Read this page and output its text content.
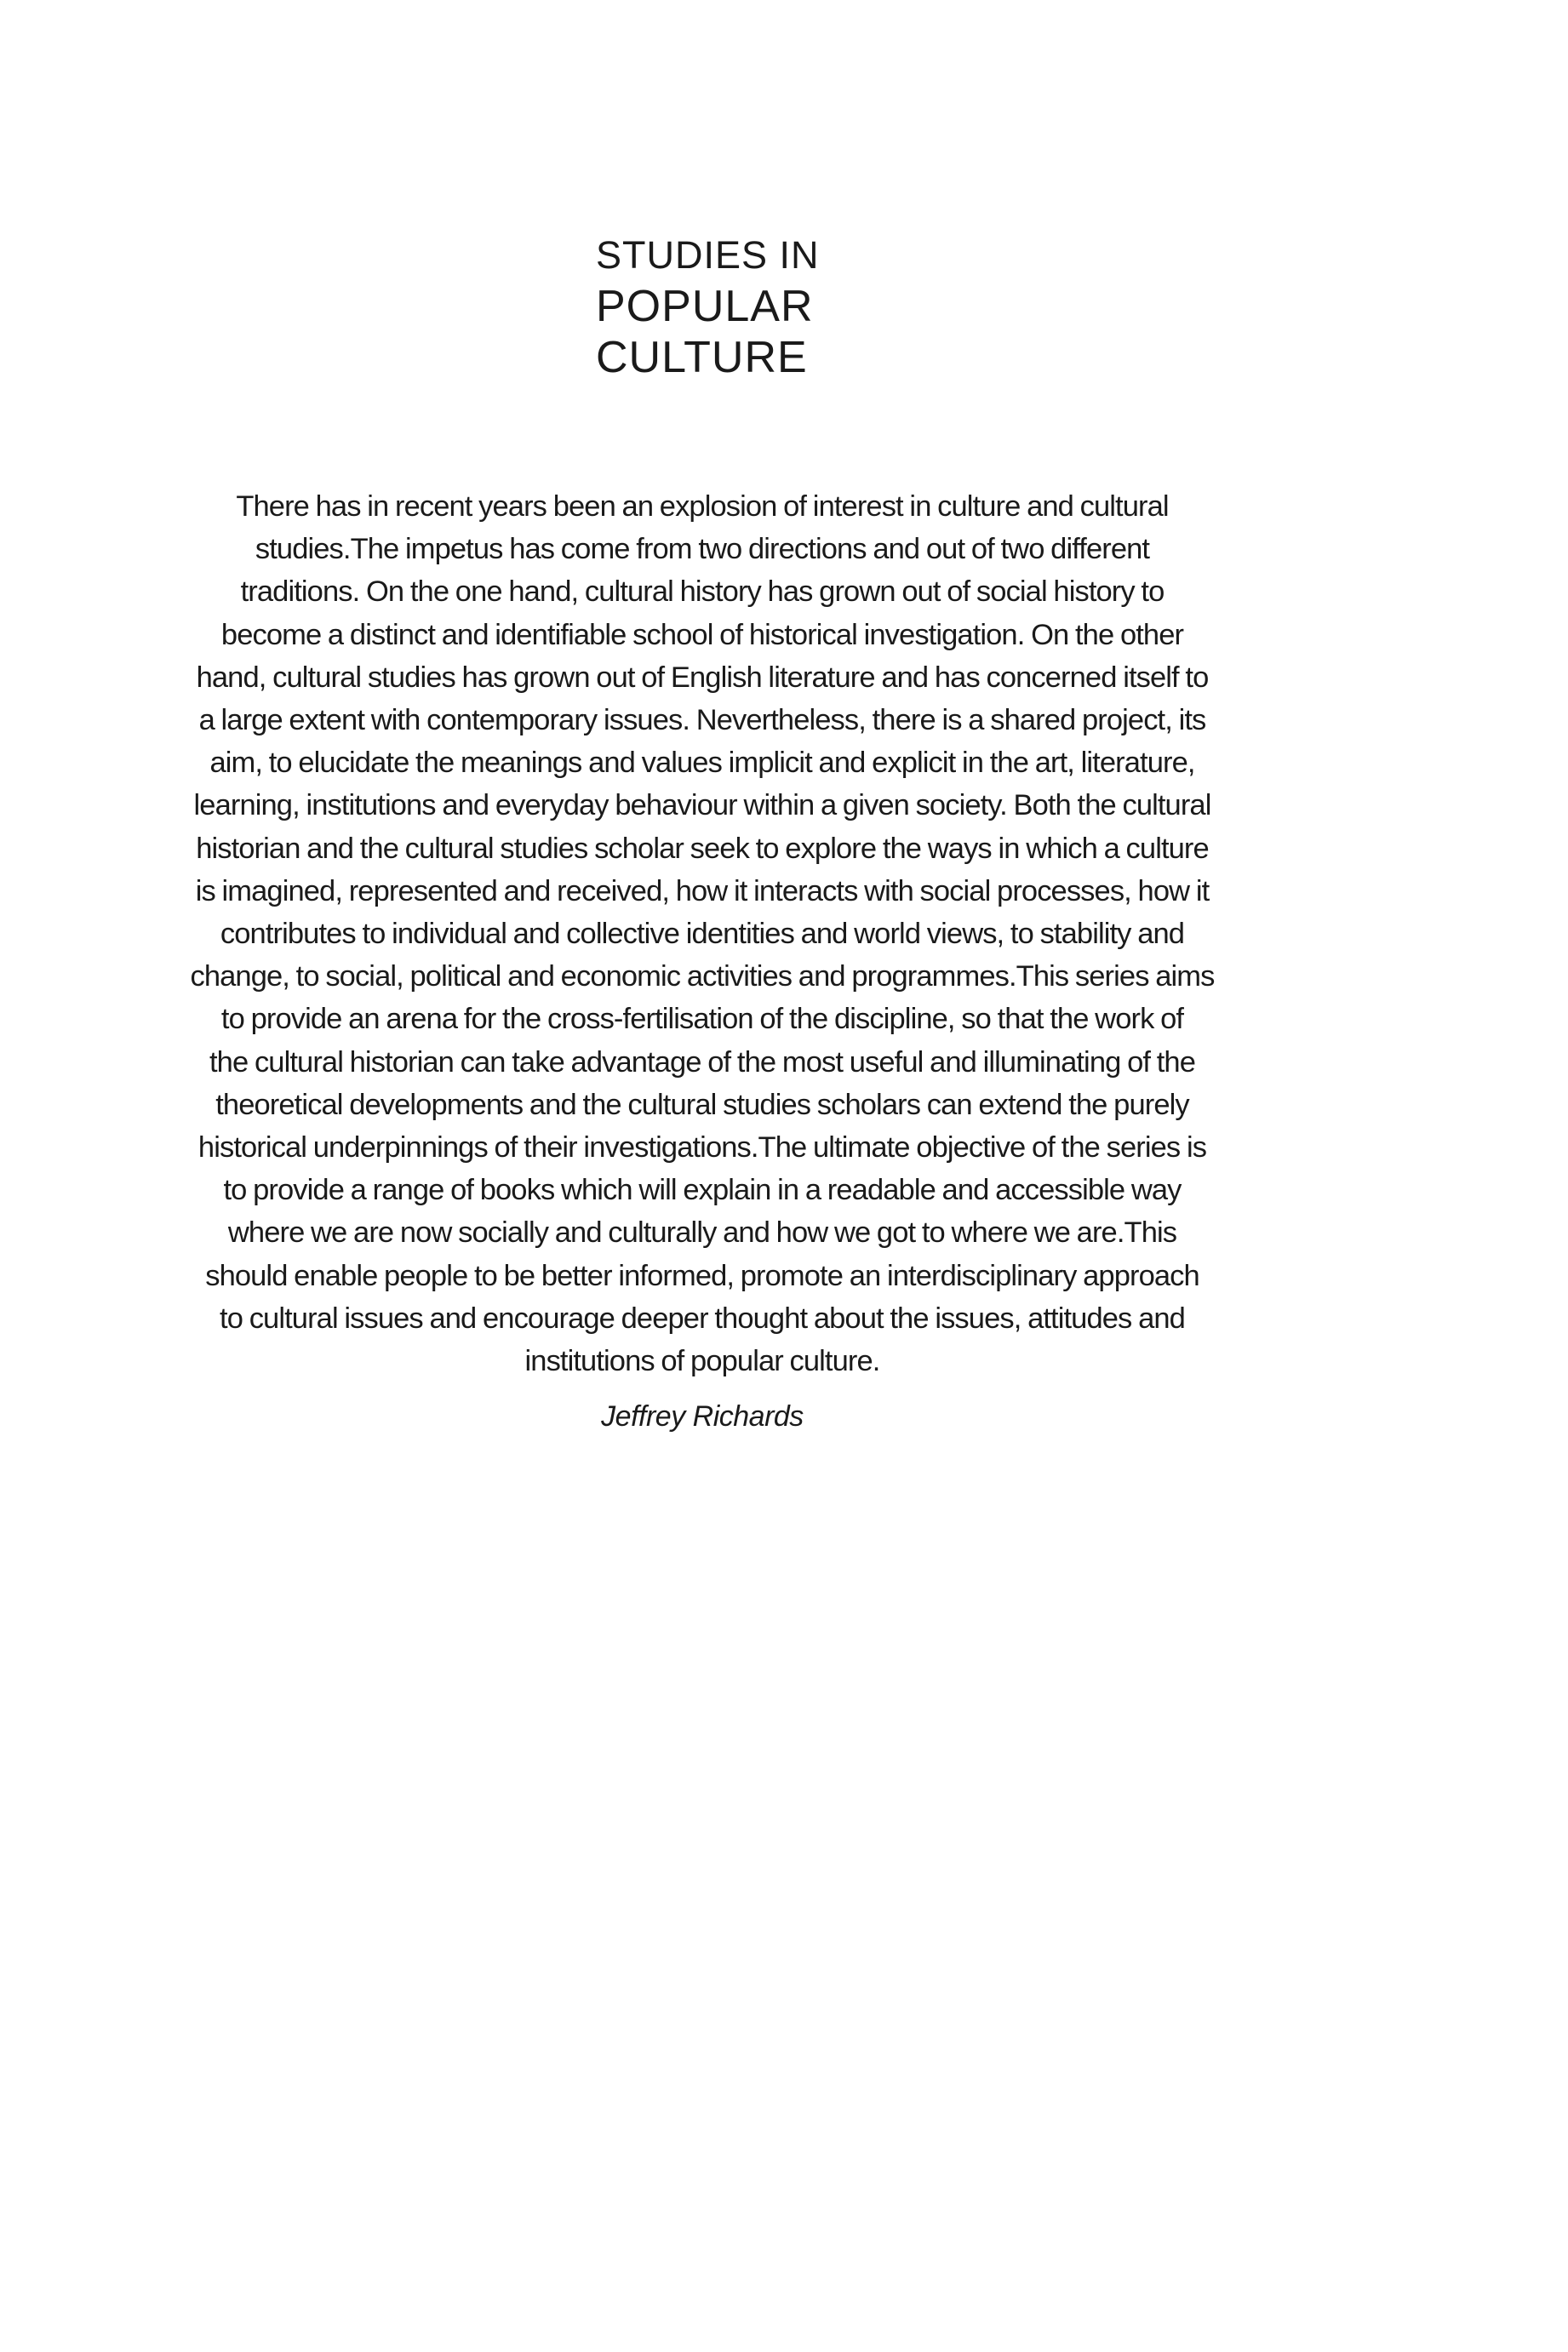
STUDIES IN
POPULAR
CULTURE

There has in recent years been an explosion of interest in culture and cultural
studies.The impetus has come from two directions and out of two different
traditions. On the one hand, cultural history has grown out of social history to
become a distinct and identifiable school of historical investigation. On the other
hand, cultural studies has grown out of English literature and has concerned itself to
a large extent with contemporary issues. Nevertheless, there is a shared project, its
aim, to elucidate the meanings and values implicit and explicit in the art, literature,
learning, institutions and everyday behaviour within a given society. Both the cultural
historian and the cultural studies scholar seek to explore the ways in which a culture
is imagined, represented and received, how it interacts with social processes, how it
contributes to individual and collective identities and world views, to stability and
change, to social, political and economic activities and programmes.This series aims
to provide an arena for the cross-fertilisation of the discipline, so that the work of
the cultural historian can take advantage of the most useful and illuminating of the
theoretical developments and the cultural studies scholars can extend the purely
historical underpinnings of their investigations.The ultimate objective of the series is
to provide a range of books which will explain in a readable and accessible way
where we are now socially and culturally and how we got to where we are.This
should enable people to be better informed, promote an interdisciplinary approach
to cultural issues and encourage deeper thought about the issues, attitudes and
institutions of popular culture.

Jeffrey Richards
